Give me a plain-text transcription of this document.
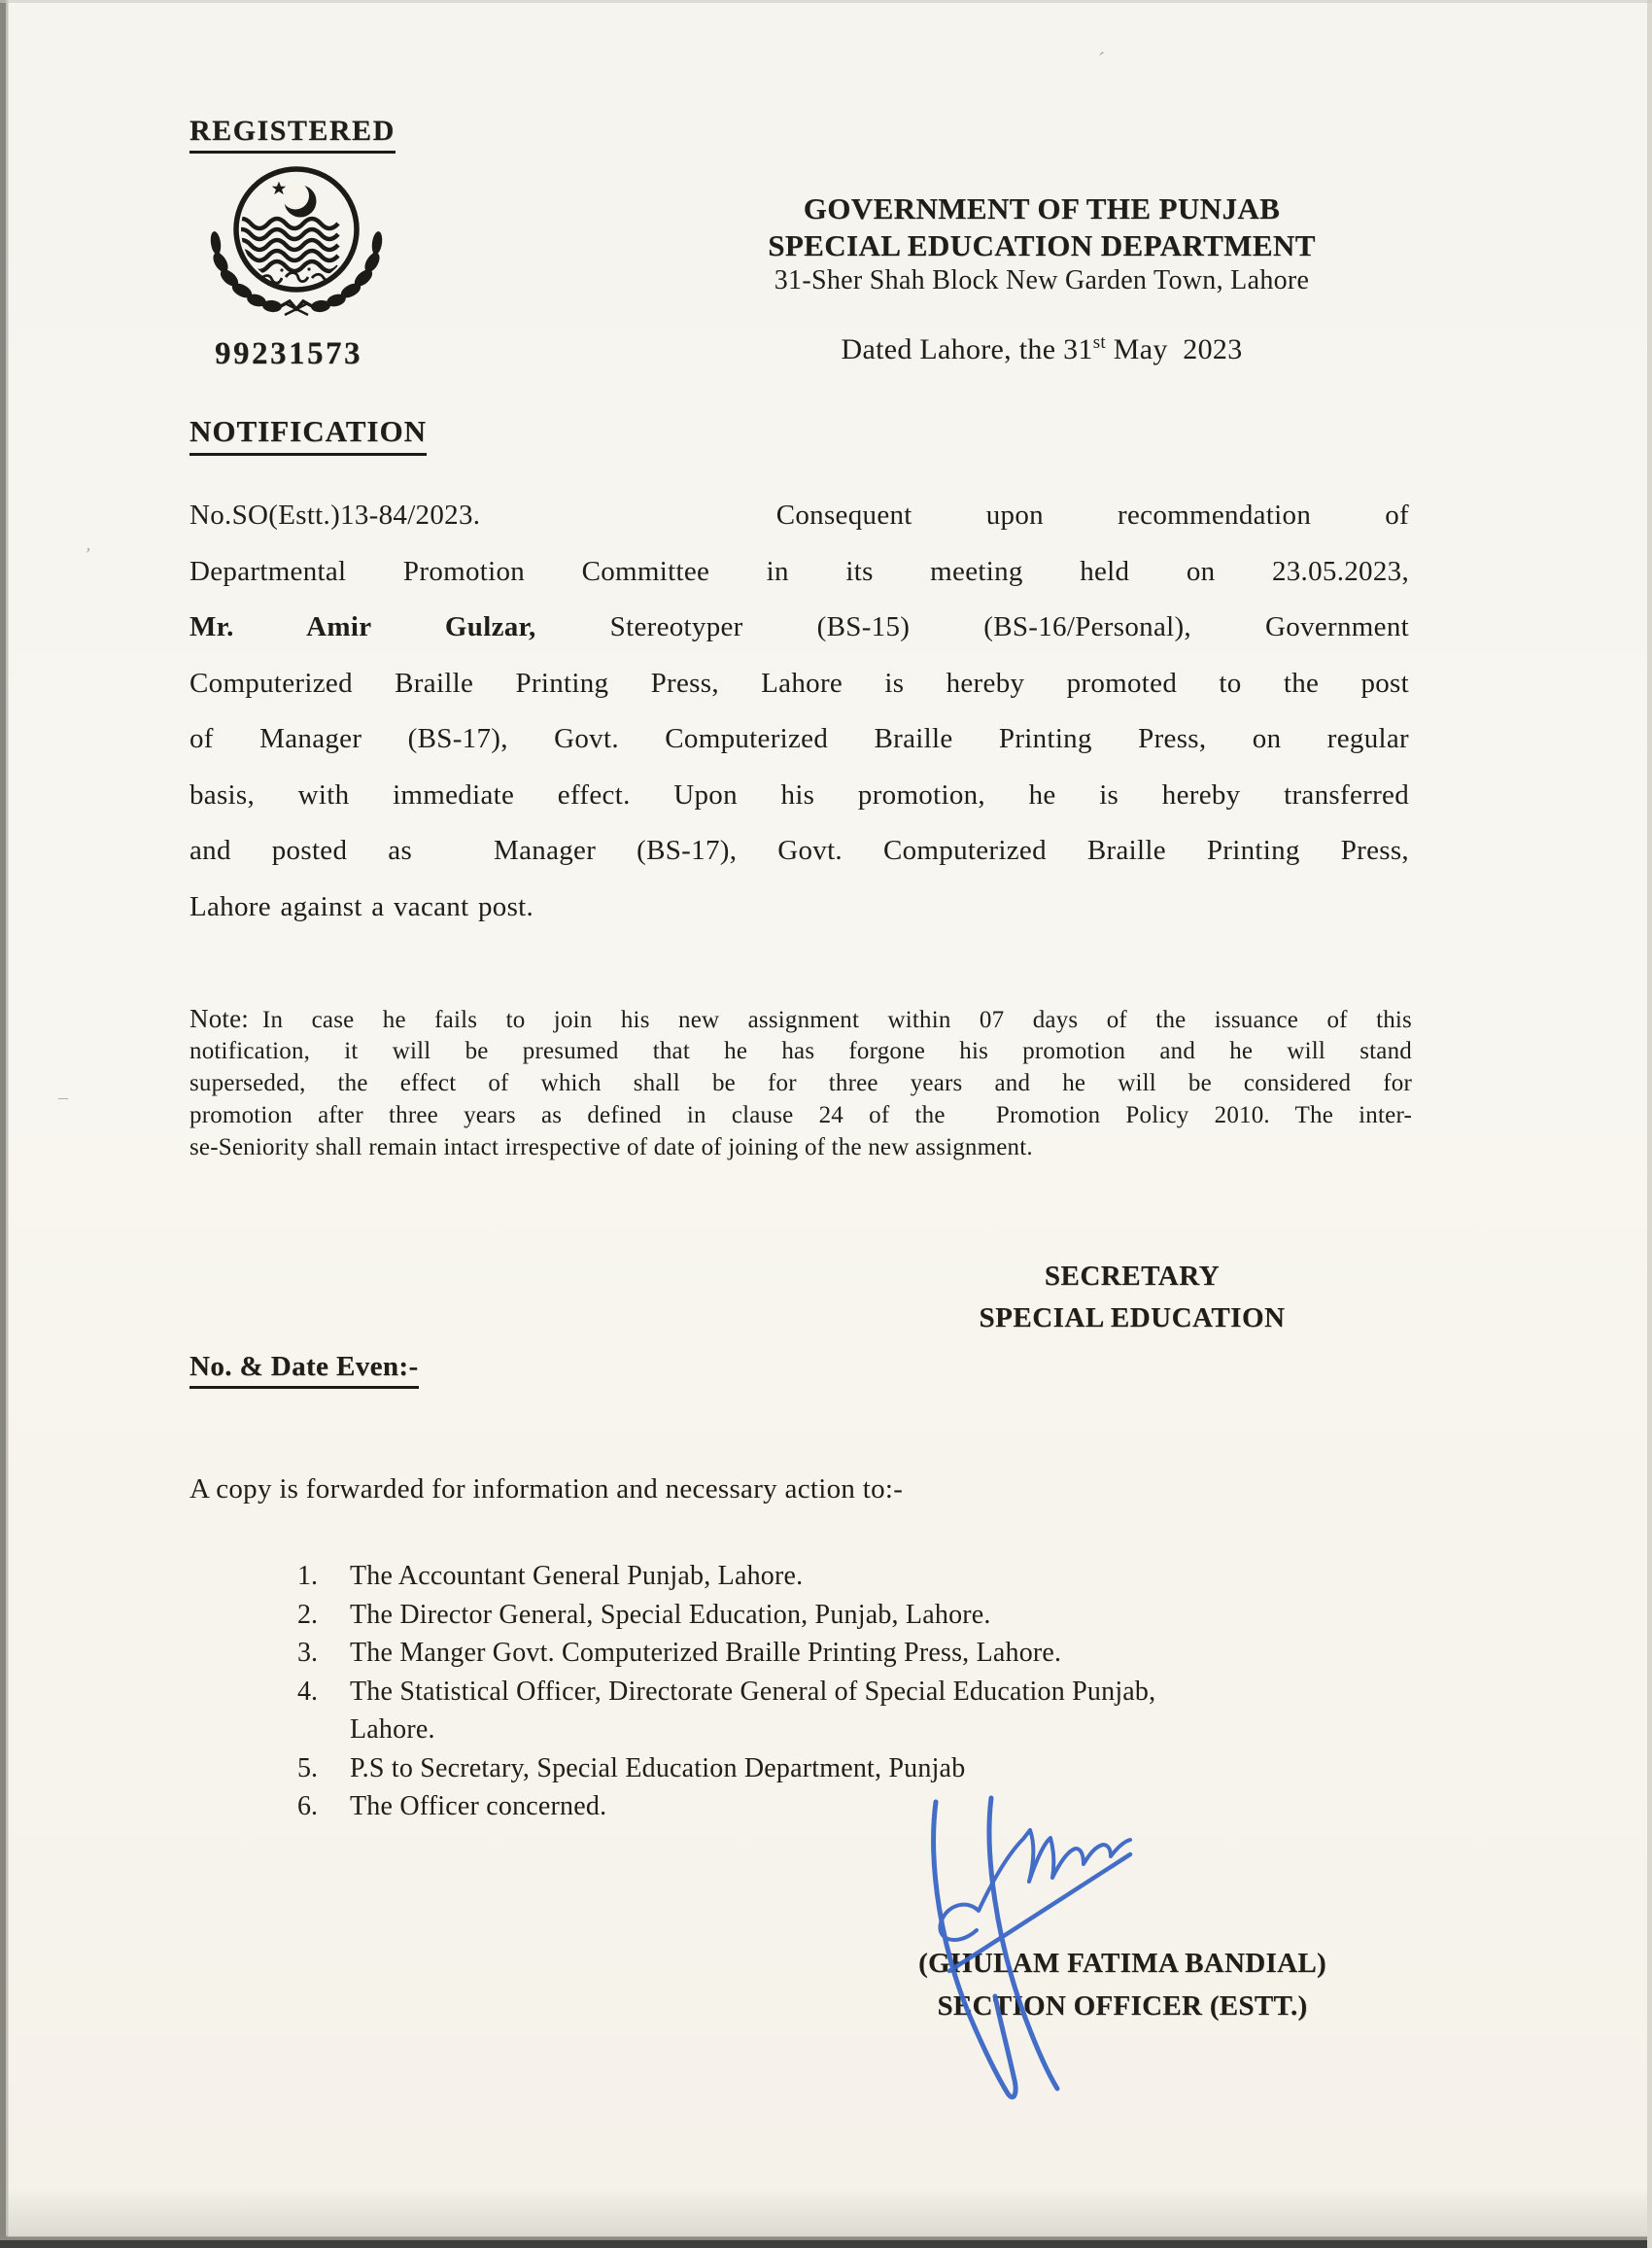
’
′
–
REGISTERED
99231573
GOVERNMENT OF THE PUNJAB
SPECIAL EDUCATION DEPARTMENT
31-Sher Shah Block New Garden Town, Lahore
Dated Lahore, the 31st May  2023
NOTIFICATION
No.SO(Estt.)13-84/2023.    Consequent upon recommendation of
Departmental Promotion Committee in its meeting held on 23.05.2023,
Mr. Amir Gulzar, Stereotyper (BS-15) (BS-16/Personal), Government
Computerized Braille Printing Press, Lahore is hereby promoted to the post
of Manager (BS-17), Govt. Computerized Braille Printing Press, on regular
basis, with immediate effect. Upon his promotion, he is hereby transferred
and posted as  Manager (BS-17), Govt. Computerized Braille Printing Press,
Lahore against a vacant post.
Note: In case he fails to join his new assignment within 07 days of the issuance of this
notification, it will be presumed that he has forgone his promotion and he will stand
superseded, the effect of which shall be for three years and he will be considered for
promotion after three years as defined in clause 24 of the  Promotion Policy 2010. The inter-
se-Seniority shall remain intact irrespective of date of joining of the new assignment.
SECRETARY
SPECIAL EDUCATION
No. & Date Even:-
A copy is forwarded for information and necessary action to:-
1.	The Accountant General Punjab, Lahore.
2.	The Director General, Special Education, Punjab, Lahore.
3.	The Manger Govt. Computerized Braille Printing Press, Lahore.
4.	The Statistical Officer, Directorate General of Special Education Punjab, Lahore.
5.	P.S to Secretary, Special Education Department, Punjab
6.	The Officer concerned.
(GHULAM FATIMA BANDIAL)
SECTION OFFICER (ESTT.)
